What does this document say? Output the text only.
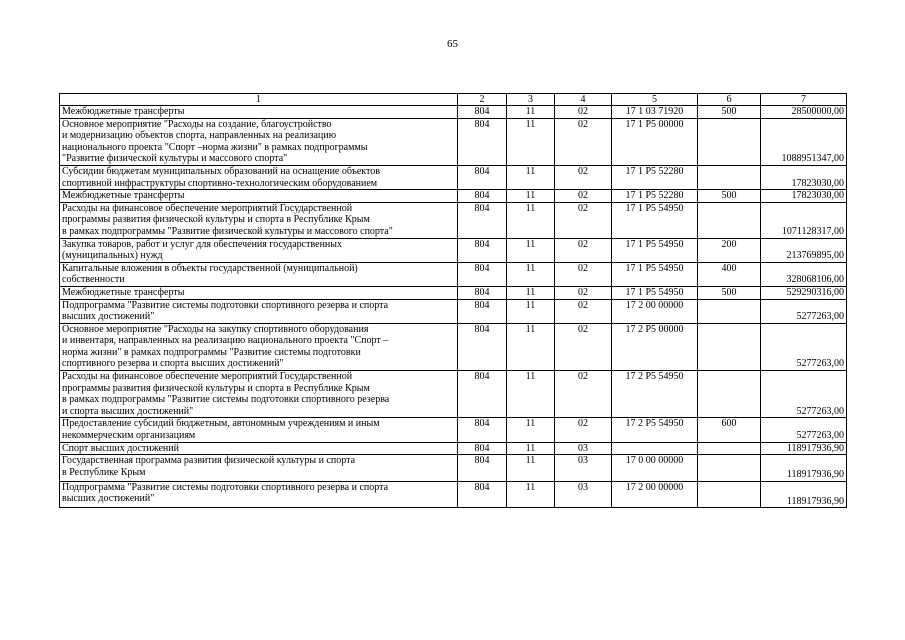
65
1	2	3	4	5	6	7
Межбюджетные трансферты	804	11	02	17 1 03 71920	500	28500000,00
Основное мероприятие "Расходы на создание, благоустройство
и модернизацию объектов спорта, направленных на реализацию
национального проекта "Спорт –норма жизни" в рамках подпрограммы
"Развитие физической культуры и массового спорта"	804	11	02	17 1 P5 00000		1088951347,00
Субсидии бюджетам муниципальных образований на оснащение объектов
спортивной инфраструктуры спортивно-технологическим оборудованием	804	11	02	17 1 P5 52280		17823030,00
Межбюджетные трансферты	804	11	02	17 1 P5 52280	500	17823030,00
Расходы на финансовое обеспечение мероприятий Государственной
программы развития физической культуры и спорта в Республике Крым
в рамках подпрограммы "Развитие физической культуры и массового спорта"	804	11	02	17 1 P5 54950		1071128317,00
Закупка товаров, работ и услуг для обеспечения государственных
(муниципальных) нужд	804	11	02	17 1 P5 54950	200	213769895,00
Капитальные вложения в объекты государственной (муниципальной)
собственности	804	11	02	17 1 P5 54950	400	328068106,00
Межбюджетные трансферты	804	11	02	17 1 P5 54950	500	529290316,00
Подпрограмма "Развитие системы подготовки спортивного резерва и спорта
высших достижений"	804	11	02	17 2 00 00000		5277263,00
Основное мероприятие "Расходы на закупку спортивного оборудования
и инвентаря, направленных на реализацию национального проекта "Спорт –
норма жизни" в рамках подпрограммы "Развитие системы подготовки
спортивного резерва и спорта высших достижений"	804	11	02	17 2 P5 00000		5277263,00
Расходы на финансовое обеспечение мероприятий Государственной
программы развития физической культуры и спорта в Республике Крым
в рамках подпрограммы "Развитие системы подготовки спортивного резерва
и спорта высших достижений"	804	11	02	17 2 P5 54950		5277263,00
Предоставление субсидий бюджетным, автономным учреждениям и иным
некоммерческим организациям	804	11	02	17 2 P5 54950	600	5277263,00
Спорт высших достижений	804	11	03			118917936,90
Государственная программа развития физической культуры и спорта
в Республике Крым	804	11	03	17 0 00 00000		118917936,90
Подпрограмма "Развитие системы подготовки спортивного резерва и спорта
высших достижений"	804	11	03	17 2 00 00000		118917936,90
